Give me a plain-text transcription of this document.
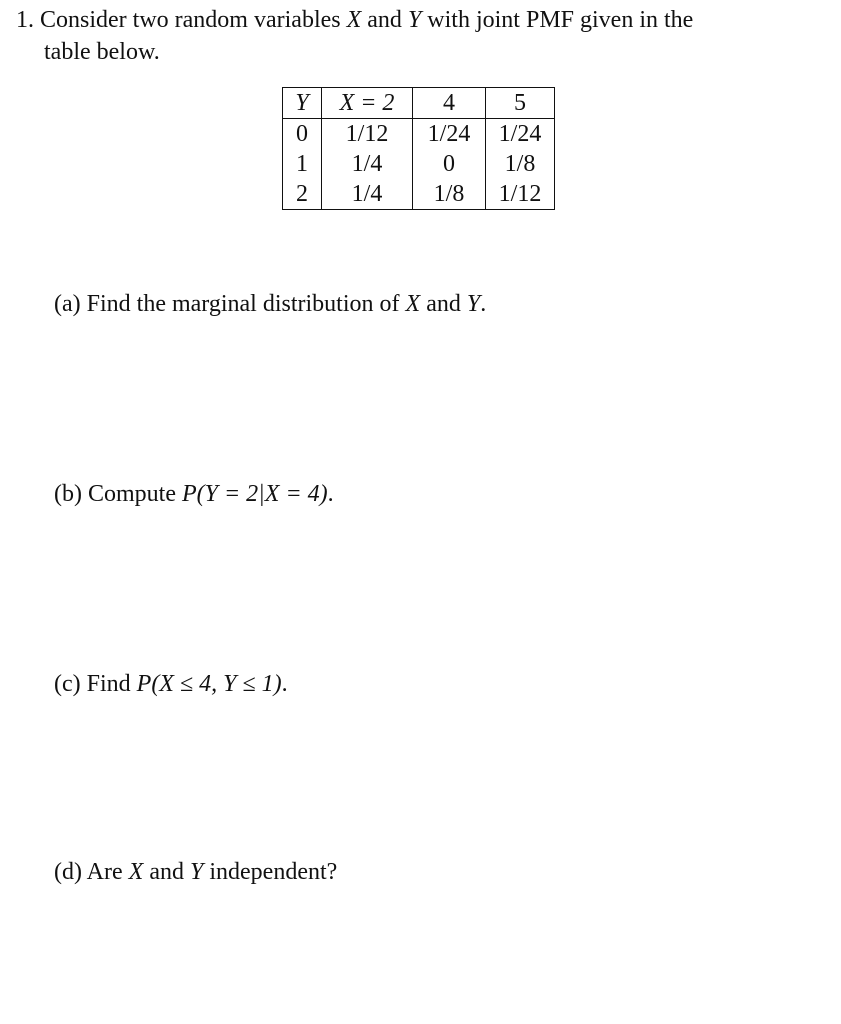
1. Consider two random variables X and Y with joint PMF given in the
table below.
Y	X = 2	4	5
0	1/12	1/24	1/24
1	1/4	0	1/8
2	1/4	1/8	1/12
(a) Find the marginal distribution of X and Y.
(b) Compute P(Y = 2|X = 4).
(c) Find P(X ≤ 4, Y ≤ 1).
(d) Are X and Y independent?
